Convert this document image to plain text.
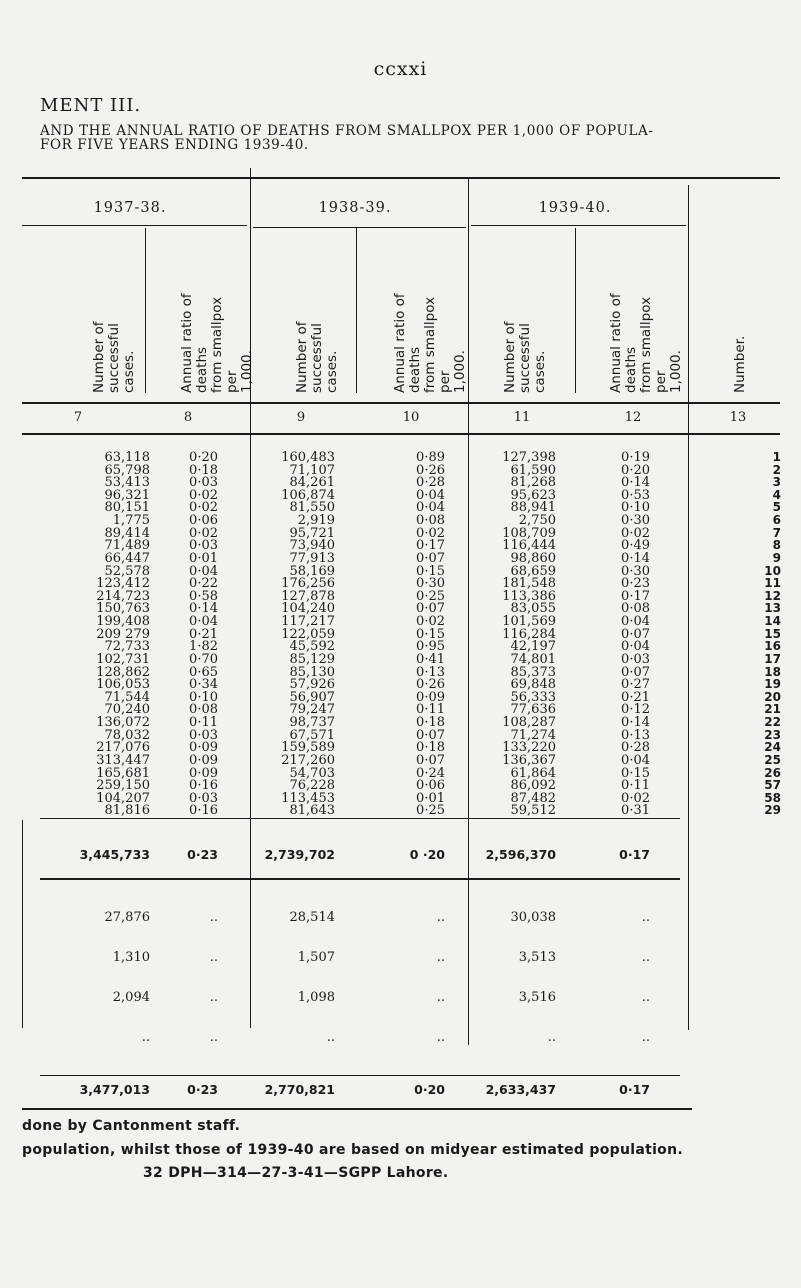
ccxxi
MENT III.
AND THE ANNUAL RATIO OF DEATHS FROM SMALLPOX PER 1,000 OF POPULA-
FOR FIVE YEARS ENDING 1939-40.
1937-38.	1938-39.	1939-40.
Number of successful
cases.	Annual ratio of deaths
from smallpox per
1,000.	Number of successful
cases.	Annual ratio of deaths
from smallpox per
1,000.	Number of successful
cases.	Annual ratio of deaths
from smallpox per
1,000.	Number.
7	8	9	10	11	12	13
63,118	0·20	160,483	0·89	127,398	0·19	1
65,798	0·18	71,107	0·26	61,590	0·20	2
53,413	0·03	84,261	0·28	81,268	0·14	3
96,321	0·02	106,874	0·04	95,623	0·53	4
80,151	0·02	81,550	0·04	88,941	0·10	5
1,775	0·06	2,919	0·08	2,750	0·30	6
89,414	0·02	95,721	0·02	108,709	0·02	7
71,489	0·03	73,940	0·17	116,444	0·49	8
66,447	0·01	77,913	0·07	98,860	0·14	9
52,578	0·04	58,169	0·15	68,659	0·30	10
123,412	0·22	176,256	0·30	181,548	0·23	11
214,723	0·58	127,878	0·25	113,386	0·17	12
150,763	0·14	104,240	0·07	83,055	0·08	13
199,408	0·04	117,217	0·02	101,569	0·04	14
209 279	0·21	122,059	0·15	116,284	0·07	15
72,733	1·82	45,592	0·95	42,197	0·04	16
102,731	0·70	85,129	0·41	74,801	0·03	17
128,862	0·65	85,130	0·13	85,373	0·07	18
106,053	0·34	57,926	0·26	69,848	0·27	19
71,544	0·10	56,907	0·09	56,333	0·21	20
70,240	0·08	79,247	0·11	77,636	0·12	21
136,072	0·11	98,737	0·18	108,287	0·14	22
78,032	0·03	67,571	0·07	71,274	0·13	23
217,076	0·09	159,589	0·18	133,220	0·28	24
313,447	0·09	217,260	0·07	136,367	0·04	25
165,681	0·09	54,703	0·24	61,864	0·15	26
259,150	0·16	76,228	0·06	86,092	0·11	57
104,207	0·03	113,453	0·01	87,482	0·02	58
81,816	0·16	81,643	0·25	59,512	0·31	29
3,445,733	0·23	2,739,702	0 ·20	2,596,370	0·17
27,876	..	28,514	..	30,038	..
1,310	..	1,507	..	3,513	..
2,094	..	1,098	..	3,516	..
..	..	..	..	..	..
3,477,013	0·23	2,770,821	0·20	2,633,437	0·17
done by Cantonment staff.
population, whilst those of 1939-40 are based on midyear estimated population.
32 DPH—314—27-3-41—SGPP Lahore.
